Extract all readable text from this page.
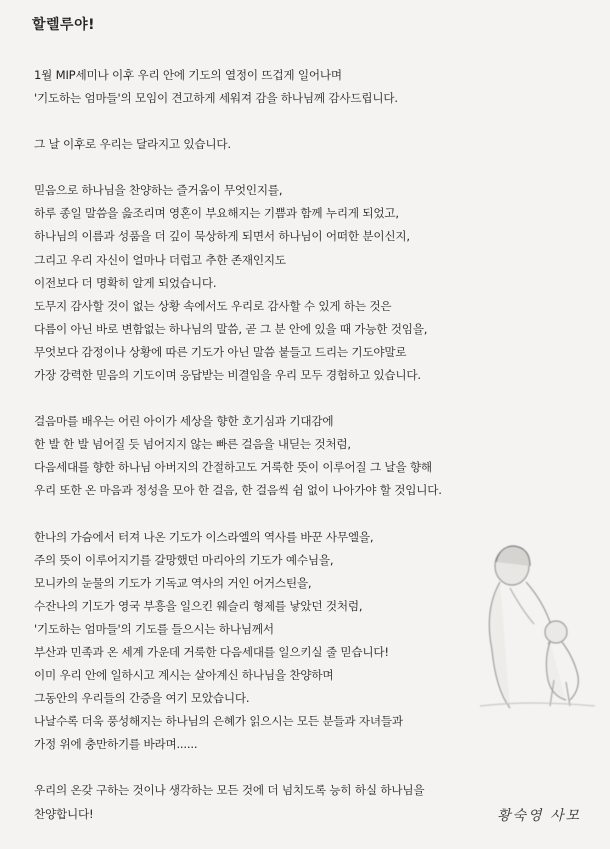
할렐루야!
1월 MIP세미나 이후 우리 안에 기도의 열정이 뜨겁게 일어나며
'기도하는 엄마들'의 모임이 견고하게 세워져 감을 하나님께 감사드립니다.
그 날 이후로 우리는 달라지고 있습니다.
믿음으로 하나님을 찬양하는 즐거움이 무엇인지를,
하루 종일 말씀을 읊조리며 영혼이 부요해지는 기쁨과 함께 누리게 되었고,
하나님의 이름과 성품을 더 깊이 묵상하게 되면서 하나님이 어떠한 분이신지,
그리고 우리 자신이 얼마나 더럽고 추한 존재인지도
이전보다 더 명확히 알게 되었습니다.
도무지 감사할 것이 없는 상황 속에서도 우리로 감사할 수 있게 하는 것은
다름이 아닌 바로 변함없는 하나님의 말씀, 곧 그 분 안에 있을 때 가능한 것임을,
무엇보다 감정이나 상황에 따른 기도가 아닌 말씀 붙들고 드리는 기도야말로
가장 강력한 믿음의 기도이며 응답받는 비결임을 우리 모두 경험하고 있습니다.
걸음마를 배우는 어린 아이가 세상을 향한 호기심과 기대감에
한 발 한 발 넘어질 듯 넘어지지 않는 빠른 걸음을 내딛는 것처럼,
다음세대를 향한 하나님 아버지의 간절하고도 거룩한 뜻이 이루어질 그 날을 향해
우리 또한 온 마음과 정성을 모아 한 걸음, 한 걸음씩 쉼 없이 나아가야 할 것입니다.
한나의 가슴에서 터져 나온 기도가 이스라엘의 역사를 바꾼 사무엘을,
주의 뜻이 이루어지기를 갈망했던 마리아의 기도가 예수님을,
모니카의 눈물의 기도가 기독교 역사의 거인 어거스틴을,
수잔나의 기도가 영국 부흥을 일으킨 웨슬리 형제를 낳았던 것처럼,
'기도하는 엄마들'의 기도를 들으시는 하나님께서
부산과 민족과 온 세계 가운데 거룩한 다음세대를 일으키실 줄 믿습니다!
이미 우리 안에 일하시고 계시는 살아계신 하나님을 찬양하며
그동안의 우리들의 간증을 여기 모았습니다.
나날수록 더욱 풍성해지는 하나님의 은혜가 읽으시는 모든 분들과 자녀들과
가정 위에 충만하기를 바라며......
우리의 온갖 구하는 것이나 생각하는 모든 것에 더 넘치도록 능히 하실 하나님을
찬양합니다!	황숙영 사모
